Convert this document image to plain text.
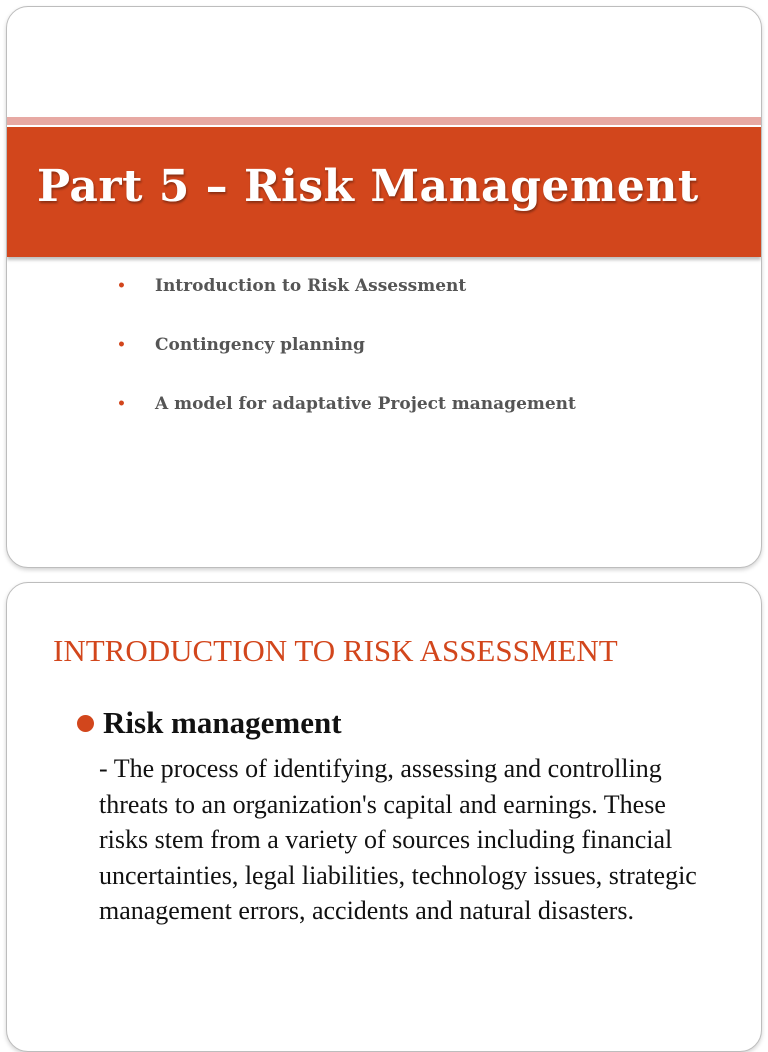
Part 5 – Risk Management
• Introduction to Risk Assessment
• Contingency planning
• A model for adaptative Project management
INTRODUCTION TO RISK ASSESSMENT
Risk management

- The process of identifying, assessing and controlling threats to an organization's capital and earnings. These risks stem from a variety of sources including financial uncertainties, legal liabilities, technology issues, strategic management errors, accidents and natural disasters.
